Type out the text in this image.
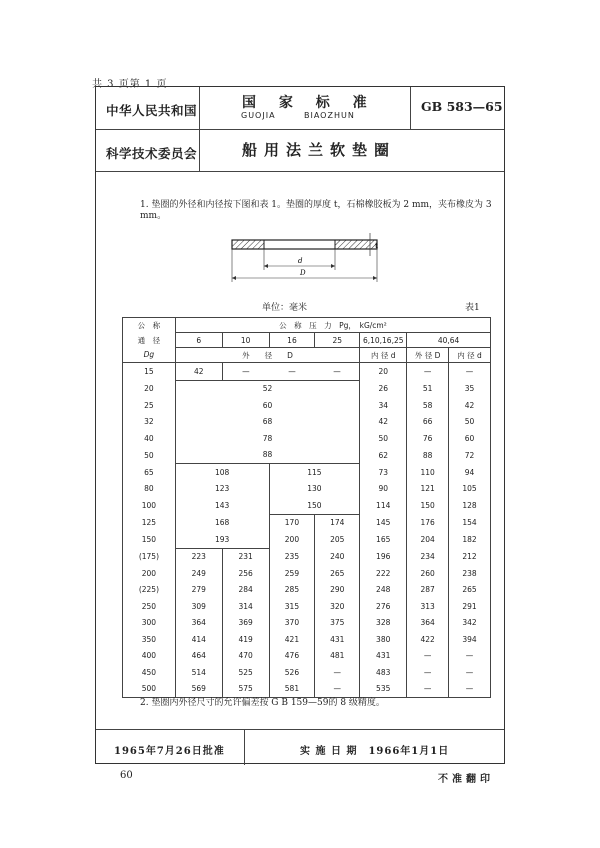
共 3 页第 1 页
中华人民共和国
科学技术委员会
国 家 标 准
GUOJIA	BIAOZHUN
GB 583—65
船用法兰软垫圈
1965年7月26日批准	实 施 日 期　1966年1月1日
1. 垫圈的外径和内径按下图和表 1。垫圈的厚度 t，石棉橡胶板为 2 mm，夹布橡皮为 3 mm。
t
d
D
单位：毫米	表1
公　称	公　称　压　力　Pg，　kG/cm²						
通　径	6	10	16	25	6,10,16,25	40,64	
Dg	外　　径　　D				内 径 d	外 径 D	内 径 d
15	42	—	—	—	20	—	—
20	52				26	51	35
25	60				34	58	42
32	68				42	66	50
40	78				50	76	60
50	88				62	88	72
65	108		115		73	110	94
80	123		130		90	121	105
100	143		150		114	150	128
125	168		170	174	145	176	154
150	193		200	205	165	204	182
(175)	223	231	235	240	196	234	212
200	249	256	259	265	222	260	238
(225)	279	284	285	290	248	287	265
250	309	314	315	320	276	313	291
300	364	369	370	375	328	364	342
350	414	419	421	431	380	422	394
400	464	470	476	481	431	—	—
450	514	525	526	—	483	—	—
500	569	575	581	—	535	—	—
2. 垫圈内外径尺寸的允许偏差按 G B 159—59的 8 级精度。
60	不准翻印
